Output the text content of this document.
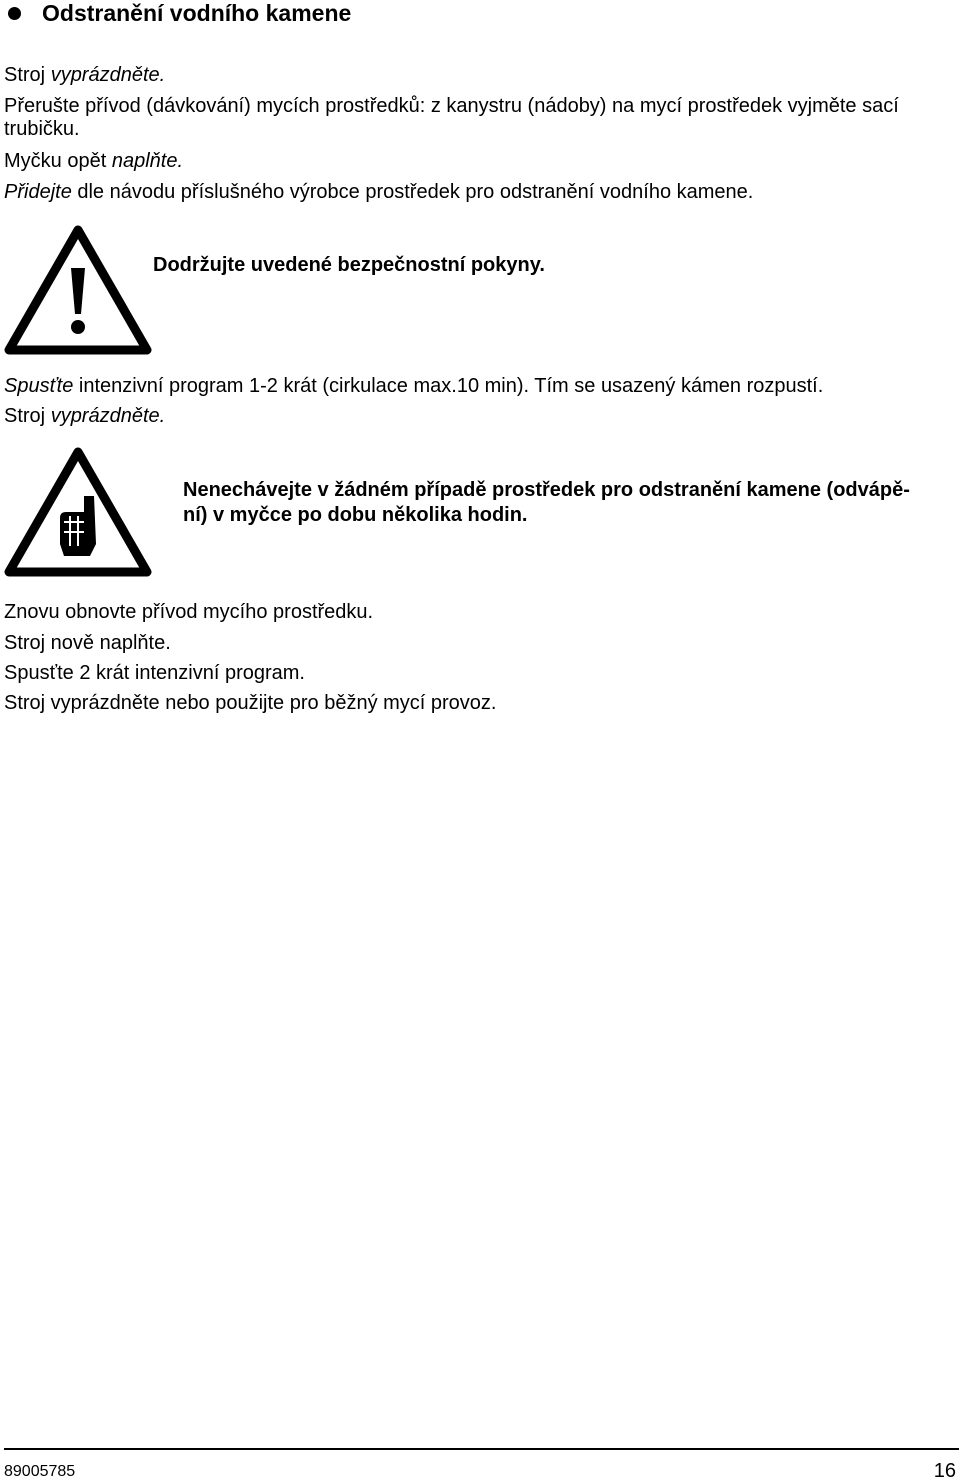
Odstranění vodního kamene
Stroj vyprázdněte.
Přerušte přívod (dávkování) mycích prostředků: z kanystru (nádoby) na mycí prostředek vyjměte sací
trubičku.
Myčku opět naplňte.
Přidejte dle návodu příslušného výrobce prostředek pro odstranění vodního kamene.
Dodržujte uvedené bezpečnostní pokyny.
Spusťte intenzivní program 1-2 krát (cirkulace max.10 min). Tím se usazený kámen rozpustí.
Stroj vyprázdněte.
Nenechávejte v žádném případě prostředek pro odstranění kamene (odvápě-
ní) v myčce po dobu několika hodin.
Znovu obnovte přívod mycího prostředku.
Stroj nově naplňte.
Spusťte 2 krát intenzivní program.
Stroj vyprázdněte nebo použijte pro běžný mycí provoz.
89005785	16
